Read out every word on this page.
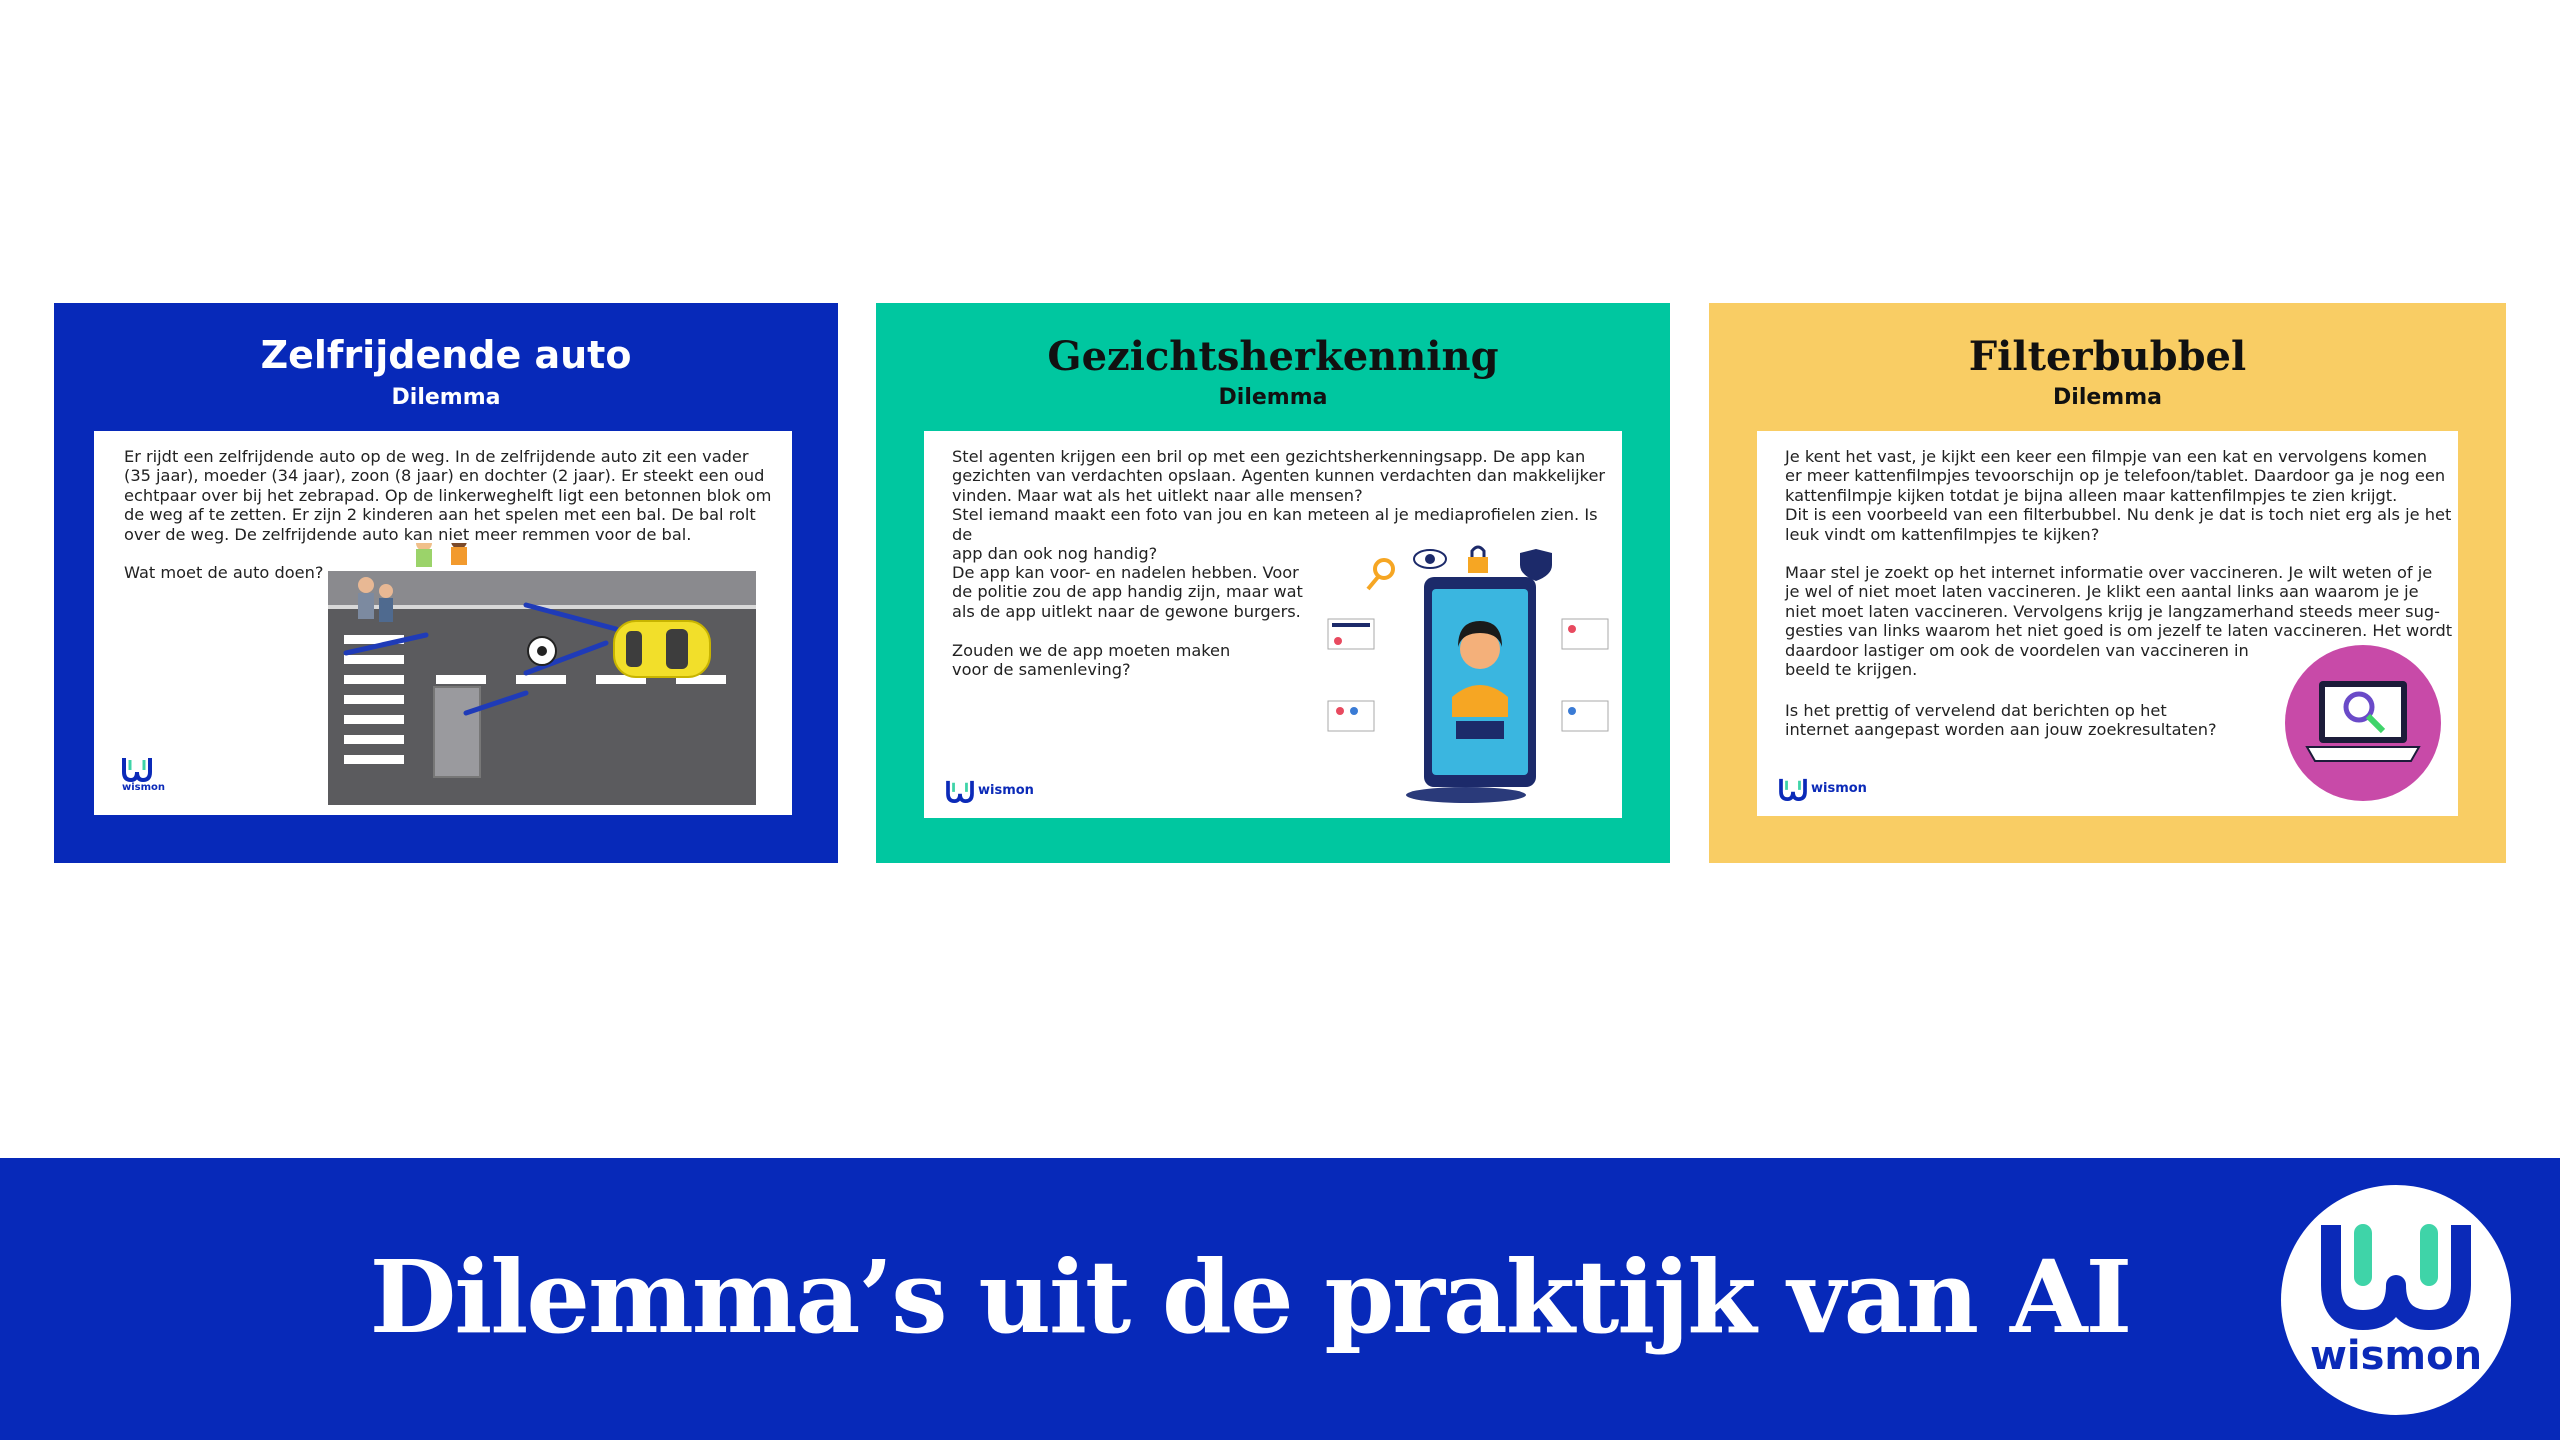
Zelfrijdende auto
Dilemma

Er rijdt een zelfrijdende auto op de weg. In de zelfrijdende auto zit een vader
(35 jaar), moeder (34 jaar), zoon (8 jaar) en dochter (2 jaar). Er steekt een oud
echtpaar over bij het zebrapad. Op de linkerweghelft ligt een betonnen blok om
de weg af te zetten. Er zijn 2 kinderen aan het spelen met een bal. De bal rolt
over de weg. De zelfrijdende auto kan niet meer remmen voor de bal.

Wat moet de auto doen?

wismon
Gezichtsherkenning
Dilemma

Stel agenten krijgen een bril op met een gezichtsherkenningsapp. De app kan
gezichten van verdachten opslaan. Agenten kunnen verdachten dan makkelijker
vinden. Maar wat als het uitlekt naar alle mensen?
Stel iemand maakt een foto van jou en kan meteen al je mediaprofielen zien. Is de
app dan ook nog handig?

De app kan voor- en nadelen hebben. Voor
de politie zou de app handig zijn, maar wat
als de app uitlekt naar de gewone burgers.

Zouden we de app moeten maken
voor de samenleving?

wismon
Filterbubbel
Dilemma

Je kent het vast, je kijkt een keer een filmpje van een kat en vervolgens komen
er meer kattenfilmpjes tevoorschijn op je telefoon/tablet. Daardoor ga je nog een
kattenfilmpje kijken totdat je bijna alleen maar kattenfilmpjes te zien krijgt.
Dit is een voorbeeld van een filterbubbel. Nu denk je dat is toch niet erg als je het
leuk vindt om kattenfilmpjes te kijken?

Maar stel je zoekt op het internet informatie over vaccineren. Je wilt weten of je
je wel of niet moet laten vaccineren. Je klikt een aantal links aan waarom je je
niet moet laten vaccineren. Vervolgens krijg je langzamerhand steeds meer sug-
gesties van links waarom het niet goed is om jezelf te laten vaccineren. Het wordt
daardoor lastiger om ook de voordelen van vaccineren in
beeld te krijgen.

Is het prettig of vervelend dat berichten op het
internet aangepast worden aan jouw zoekresultaten?

wismon
Dilemma’s uit de praktijk van AI	wismon
